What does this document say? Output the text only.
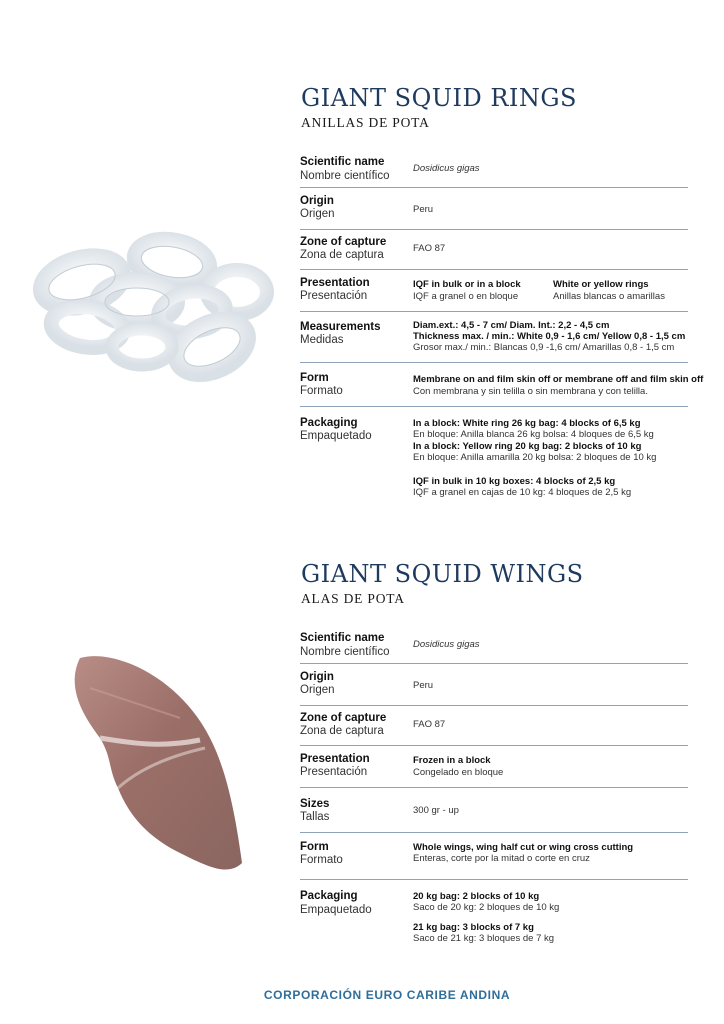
GIANT SQUID RINGS
ANILLAS DE POTA
Scientific name
Nombre científico
Dosidicus gigas
Origin
Origen	Peru
Zone of capture
Zona de captura
FAO 87
Presentation
Presentación
IQF in bulk or in a block
IQF a granel o en bloque
White or yellow rings
Anillas blancas o amarillas
Measurements
Medidas
Diam.ext.: 4,5 - 7 cm/ Diam. Int.: 2,2 - 4,5 cm
Thickness max. / min.: White 0,9 - 1,6 cm/ Yellow 0,8 - 1,5 cm
Grosor max./ min.: Blancas 0,9 -1,6 cm/ Amarillas 0,8 - 1,5 cm
Form
Formato
Membrane on and film skin off or membrane off and film skin off
Con membrana y sin telilla o sin membrana y con telilla.
Packaging
Empaquetado
In a block: White ring 26 kg bag: 4 blocks of 6,5 kg
En bloque: Anilla blanca 26 kg bolsa: 4 bloques de 6,5 kg
In a block: Yellow ring 20 kg bag: 2 blocks of 10 kg
En bloque: Anilla amarilla 20 kg bolsa: 2 bloques de 10 kg
IQF in bulk in 10 kg boxes: 4 blocks of 2,5 kg
IQF a granel en cajas de 10 kg: 4 bloques de 2,5 kg
GIANT SQUID WINGS
ALAS DE POTA
Scientific name
Nombre científico
Dosidicus gigas
Origin
Origen	Peru
Zone of capture
Zona de captura
FAO 87
Presentation
Presentación
Frozen in a block
Congelado en bloque
Sizes
Tallas
300 gr - up
Form
Formato
Whole wings, wing half cut or wing cross cutting
Enteras, corte por la mitad o corte en cruz
Packaging
Empaquetado
20 kg bag: 2 blocks of 10 kg
Saco de 20 kg: 2 bloques de 10 kg
21 kg bag: 3 blocks of 7 kg
Saco de 21 kg: 3 bloques de 7 kg
CORPORACIÓN EURO CARIBE ANDINA
